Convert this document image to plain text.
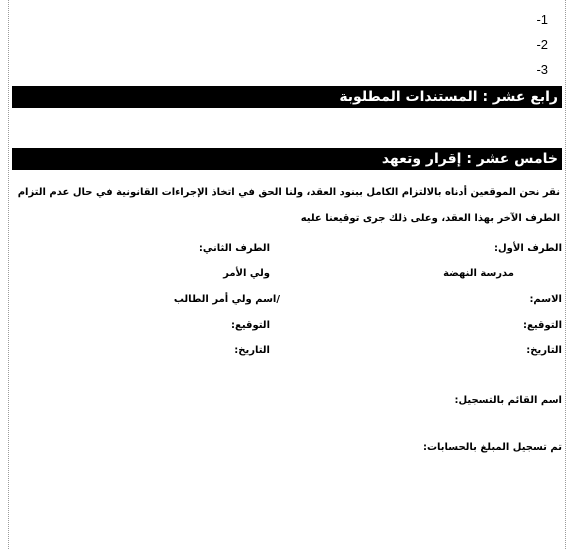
-1
-2
-3
رابع عشر : المستندات المطلوبة
خامس عشر : إقرار وتعهد
نقر نحن الموقعين أدناه بالالتزام الكامل ببنود العقد، ولنا الحق في اتخاذ الإجراءات القانونية في حال عدم التزام الطرف الآخر بهذا العقد، وعلى ذلك جرى توقيعنا عليه
الطرف الأول:
مدرسة النهضة
الاسم:
التوقيع:
التاريخ:
الطرف الثاني:
ولي الأمر
/اسم ولي أمر الطالب
التوقيع:
التاريخ:
اسم القائم بالتسجيل:
تم تسجيل المبلغ بالحسابات:
